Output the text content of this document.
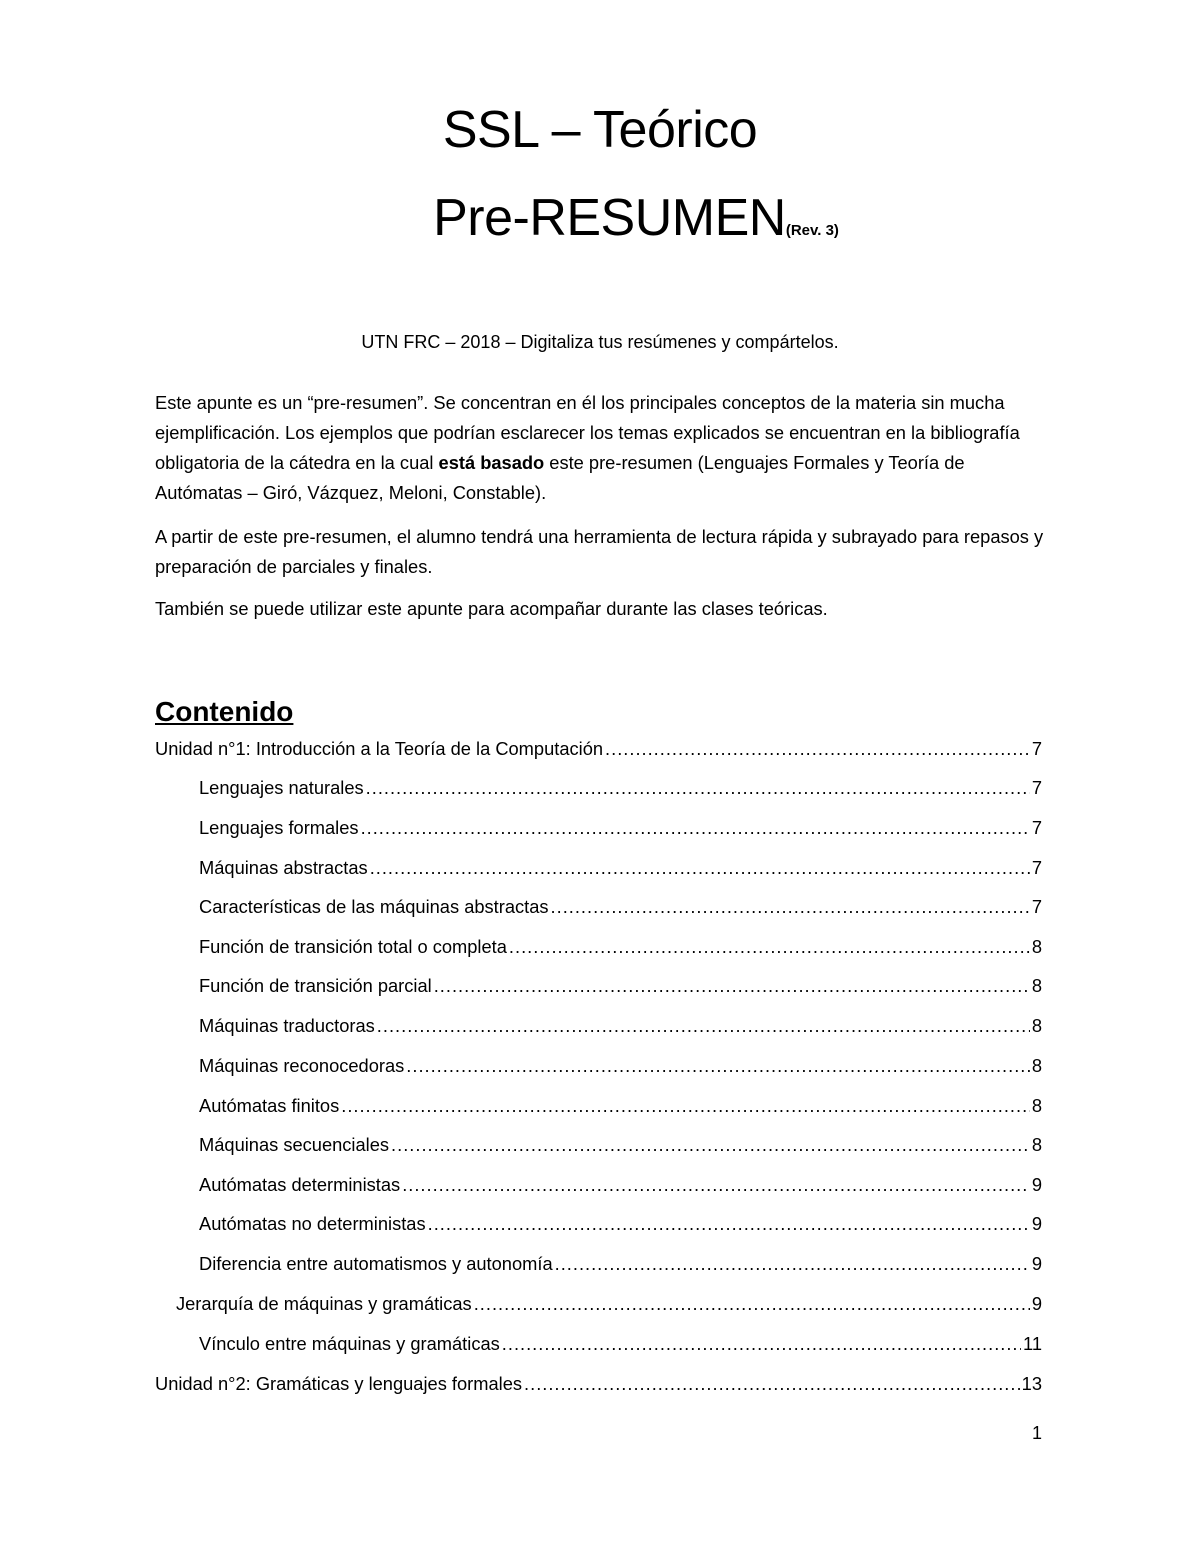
SSL – Teórico
Pre-RESUMEN(Rev. 3)
UTN FRC – 2018 – Digitaliza tus resúmenes y compártelos.

Este apunte es un “pre-resumen”. Se concentran en él los principales conceptos de la materia sin mucha ejemplificación. Los ejemplos que podrían esclarecer los temas explicados se encuentran en la bibliografía obligatoria de la cátedra en la cual está basado este pre-resumen (Lenguajes Formales y Teoría de Autómatas – Giró, Vázquez, Meloni, Constable).

A partir de este pre-resumen, el alumno tendrá una herramienta de lectura rápida y subrayado para repasos y preparación de parciales y finales.

También se puede utilizar este apunte para acompañar durante las clases teóricas.

Contenido
Unidad n°1: Introducción a la Teoría de la Computación .....	7
Lenguajes naturales .....	7
Lenguajes formales .....	7
Máquinas abstractas .....	7
Características de las máquinas abstractas .....	7
Función de transición total o completa .....	8
Función de transición parcial .....	8
Máquinas traductoras .....	8
Máquinas reconocedoras .....	8
Autómatas finitos .....	8
Máquinas secuenciales .....	8
Autómatas deterministas .....	9
Autómatas no deterministas .....	9
Diferencia entre automatismos y autonomía .....	9
Jerarquía de máquinas y gramáticas .....	9
Vínculo entre máquinas y gramáticas .....	11
Unidad n°2: Gramáticas y lenguajes formales .....	13
1
